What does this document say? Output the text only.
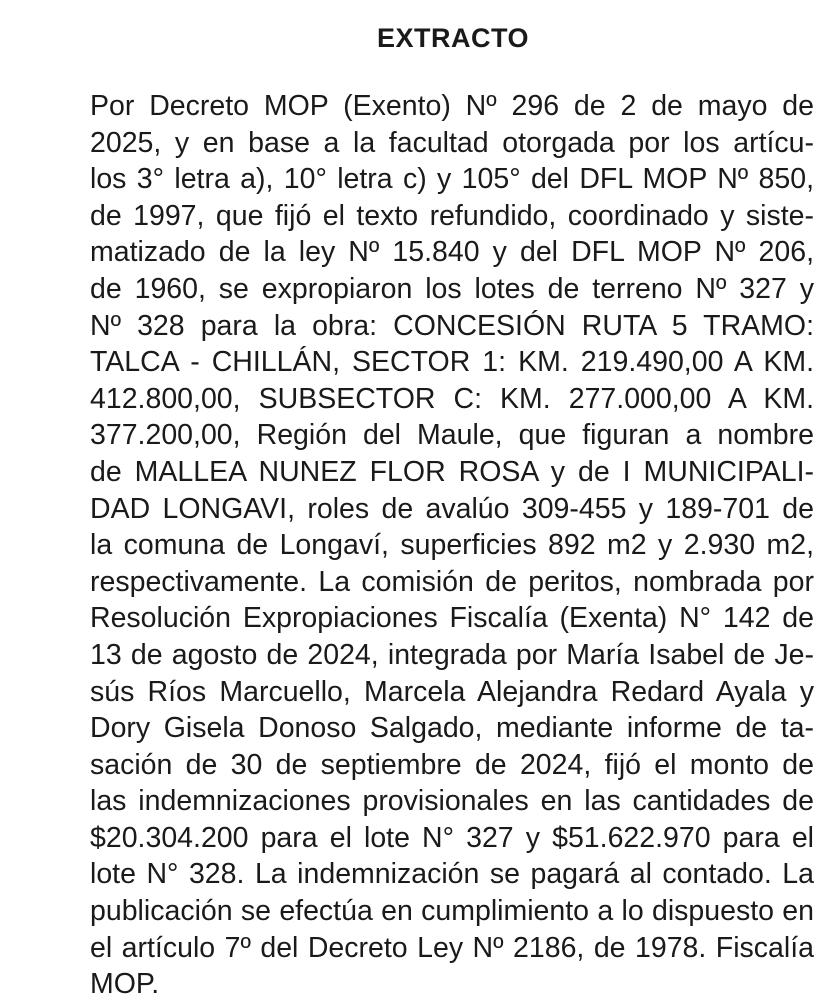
EXTRACTO
Por Decreto MOP (Exento) Nº 296 de 2 de mayo de
2025, y en base a la facultad otorgada por los artícu-
los 3° letra a), 10° letra c) y 105° del DFL MOP Nº 850,
de 1997, que fijó el texto refundido, coordinado y siste-
matizado de la ley Nº 15.840 y del DFL MOP Nº 206,
de 1960, se expropiaron los lotes de terreno Nº 327 y
Nº 328 para la obra: CONCESIÓN RUTA 5 TRAMO:
TALCA - CHILLÁN, SECTOR 1: KM. 219.490,00 A KM.
412.800,00, SUBSECTOR C: KM. 277.000,00 A KM.
377.200,00, Región del Maule, que figuran a nombre
de MALLEA NUNEZ FLOR ROSA y de I MUNICIPALI-
DAD LONGAVI, roles de avalúo 309-455 y 189-701 de
la comuna de Longaví, superficies 892 m2 y 2.930 m2,
respectivamente. La comisión de peritos, nombrada por
Resolución Expropiaciones Fiscalía (Exenta) N° 142 de
13 de agosto de 2024, integrada por María Isabel de Je-
sús Ríos Marcuello, Marcela Alejandra Redard Ayala y
Dory Gisela Donoso Salgado, mediante informe de ta-
sación de 30 de septiembre de 2024, fijó el monto de
las indemnizaciones provisionales en las cantidades de
$20.304.200 para el lote N° 327 y $51.622.970 para el
lote N° 328. La indemnización se pagará al contado. La
publicación se efectúa en cumplimiento a lo dispuesto en
el artículo 7º del Decreto Ley Nº 2186, de 1978. Fiscalía
MOP.
